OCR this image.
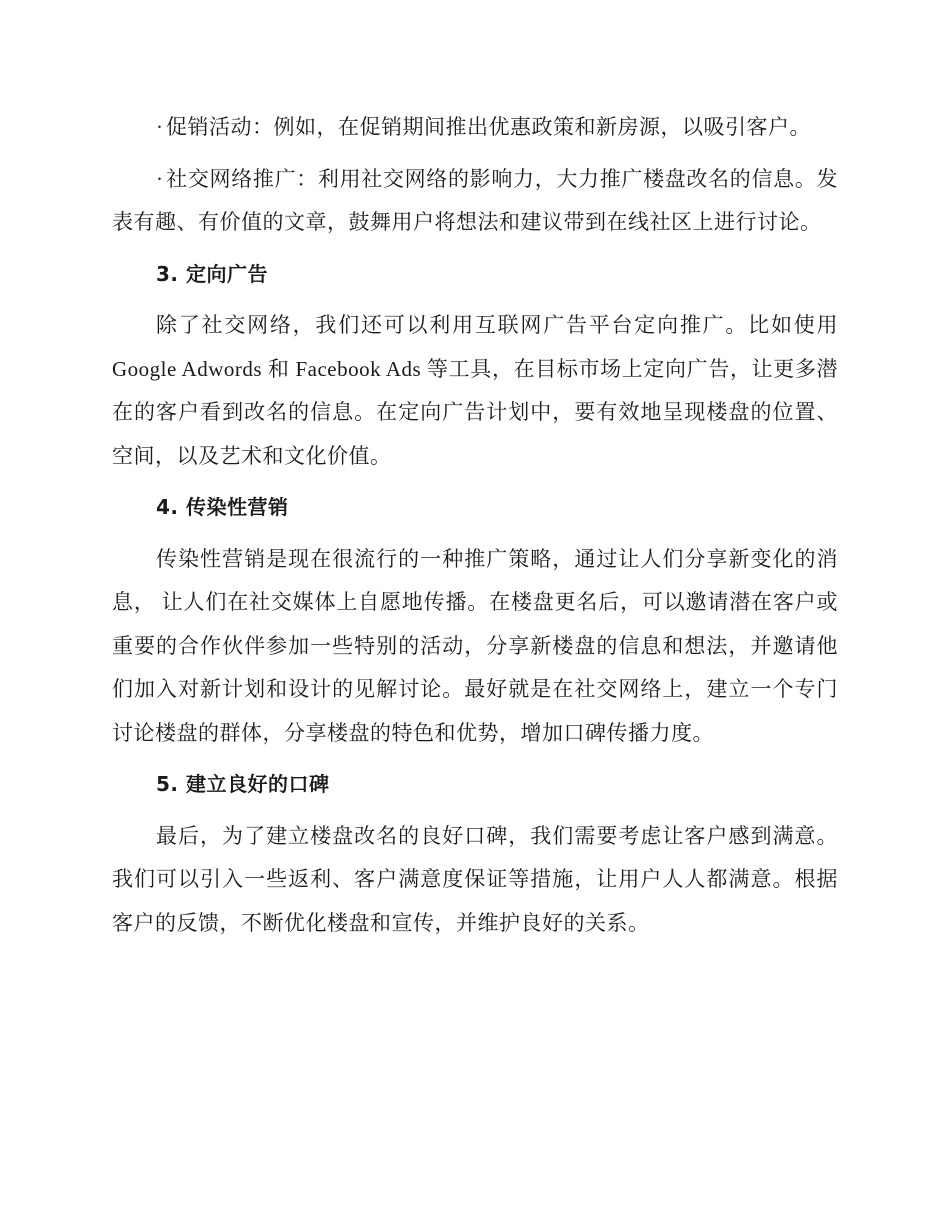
· 促销活动：例如，在促销期间推出优惠政策和新房源，以吸引客户。

· 社交网络推广：利用社交网络的影响力，大力推广楼盘改名的信息。发表有趣、有价值的文章，鼓舞用户将想法和建议带到在线社区上进行讨论。

3. 定向广告

除了社交网络，我们还可以利用互联网广告平台定向推广。比如使用Google Adwords 和 Facebook Ads 等工具，在目标市场上定向广告，让更多潜在的客户看到改名的信息。在定向广告计划中，要有效地呈现楼盘的位置、空间，以及艺术和文化价值。

4. 传染性营销

传染性营销是现在很流行的一种推广策略，通过让人们分享新变化的消息， 让人们在社交媒体上自愿地传播。在楼盘更名后，可以邀请潜在客户或重要的合作伙伴参加一些特别的活动，分享新楼盘的信息和想法，并邀请他们加入对新计划和设计的见解讨论。最好就是在社交网络上，建立一个专门讨论楼盘的群体，分享楼盘的特色和优势，增加口碑传播力度。

5. 建立良好的口碑

最后，为了建立楼盘改名的良好口碑，我们需要考虑让客户感到满意。我们可以引入一些返利、客户满意度保证等措施，让用户人人都满意。根据客户的反馈，不断优化楼盘和宣传，并维护良好的关系。
